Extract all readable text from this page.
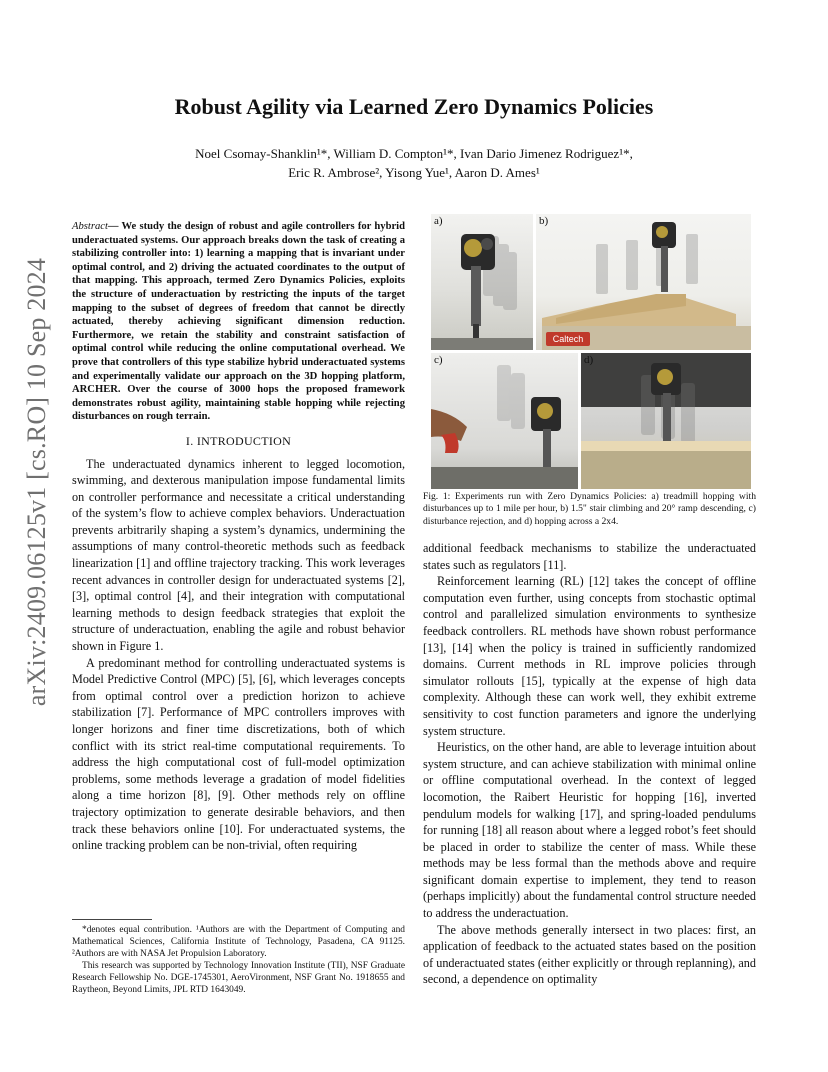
arXiv:2409.06125v1 [cs.RO] 10 Sep 2024
Robust Agility via Learned Zero Dynamics Policies
Noel Csomay-Shanklin¹*, William D. Compton¹*, Ivan Dario Jimenez Rodriguez¹*,
Eric R. Ambrose², Yisong Yue¹, Aaron D. Ames¹

Abstract— We study the design of robust and agile controllers for hybrid underactuated systems. Our approach breaks down the task of creating a stabilizing controller into: 1) learning a mapping that is invariant under optimal control, and 2) driving the actuated coordinates to the output of that mapping. This approach, termed Zero Dynamics Policies, exploits the structure of underactuation by restricting the inputs of the target mapping to the subset of degrees of freedom that cannot be directly actuated, thereby achieving significant dimension reduction. Furthermore, we retain the stability and constraint satisfaction of optimal control while reducing the online computational overhead. We prove that controllers of this type stabilize hybrid underactuated systems and experimentally validate our approach on the 3D hopping platform, ARCHER. Over the course of 3000 hops the proposed framework demonstrates robust agility, maintaining stable hopping while rejecting disturbances on rough terrain.

I. INTRODUCTION

The underactuated dynamics inherent to legged locomotion, swimming, and dexterous manipulation impose fundamental limits on controller performance and necessitate a critical understanding of the system’s flow to achieve complex behaviors. Underactuation prevents arbitrarily shaping a system’s dynamics, undermining the assumptions of many control-theoretic methods such as feedback linearization [1] and offline trajectory tracking. This work leverages recent advances in controller design for underactuated systems [2], [3], optimal control [4], and their integration with computational learning methods to design feedback strategies that exploit the structure of underactuation, enabling the agile and robust behavior shown in Figure 1.

A predominant method for controlling underactuated systems is Model Predictive Control (MPC) [5], [6], which leverages concepts from optimal control over a prediction horizon to achieve stabilization [7]. Performance of MPC controllers improves with longer horizons and finer time discretizations, both of which conflict with its strict real-time computational requirements. To address the high computational cost of full-model optimization problems, some methods leverage a gradation of model fidelities along a time horizon [8], [9]. Other methods rely on offline trajectory optimization to generate desirable behaviors, and then track these behaviors online [10]. For underactuated systems, the online tracking problem can be non-trivial, often requiring

*denotes equal contribution. ¹Authors are with the Department of Computing and Mathematical Sciences, California Institute of Technology, Pasadena, CA 91125. ²Authors are with NASA Jet Propulsion Laboratory.

This research was supported by Technology Innovation Institute (TII), NSF Graduate Research Fellowship No. DGE-1745301, AeroVironment, NSF Grant No. 1918655 and Raytheon, Beyond Limits, JPL RTD 1643049.

a)	b)
Caltech
c)	d)
Fig. 1: Experiments run with Zero Dynamics Policies: a) treadmill hopping with disturbances up to 1 mile per hour, b) 1.5" stair climbing and 20° ramp descending, c) disturbance rejection, and d) hopping across a 2x4.

additional feedback mechanisms to stabilize the underactuated states such as regulators [11].

Reinforcement learning (RL) [12] takes the concept of offline computation even further, using concepts from stochastic optimal control and parallelized simulation environments to synthesize feedback controllers. RL methods have shown robust performance [13], [14] when the policy is trained in sufficiently randomized domains. Current methods in RL improve policies through simulator rollouts [15], typically at the expense of high data complexity. Although these can work well, they exhibit extreme sensitivity to cost function parameters and ignore the underlying system structure.

Heuristics, on the other hand, are able to leverage intuition about system structure, and can achieve stabilization with minimal online or offline computational overhead. In the context of legged locomotion, the Raibert Heuristic for hopping [16], inverted pendulum models for walking [17], and spring-loaded pendulums for running [18] all reason about where a legged robot’s feet should be placed in order to stabilize the center of mass. While these methods may be less formal than the methods above and require significant domain expertise to implement, they tend to reason (perhaps implicitly) about the fundamental control structure needed to address the underactuation.

The above methods generally intersect in two places: first, an application of feedback to the actuated states based on the position of underactuated states (either explicitly or through replanning), and second, a dependence on optimality
